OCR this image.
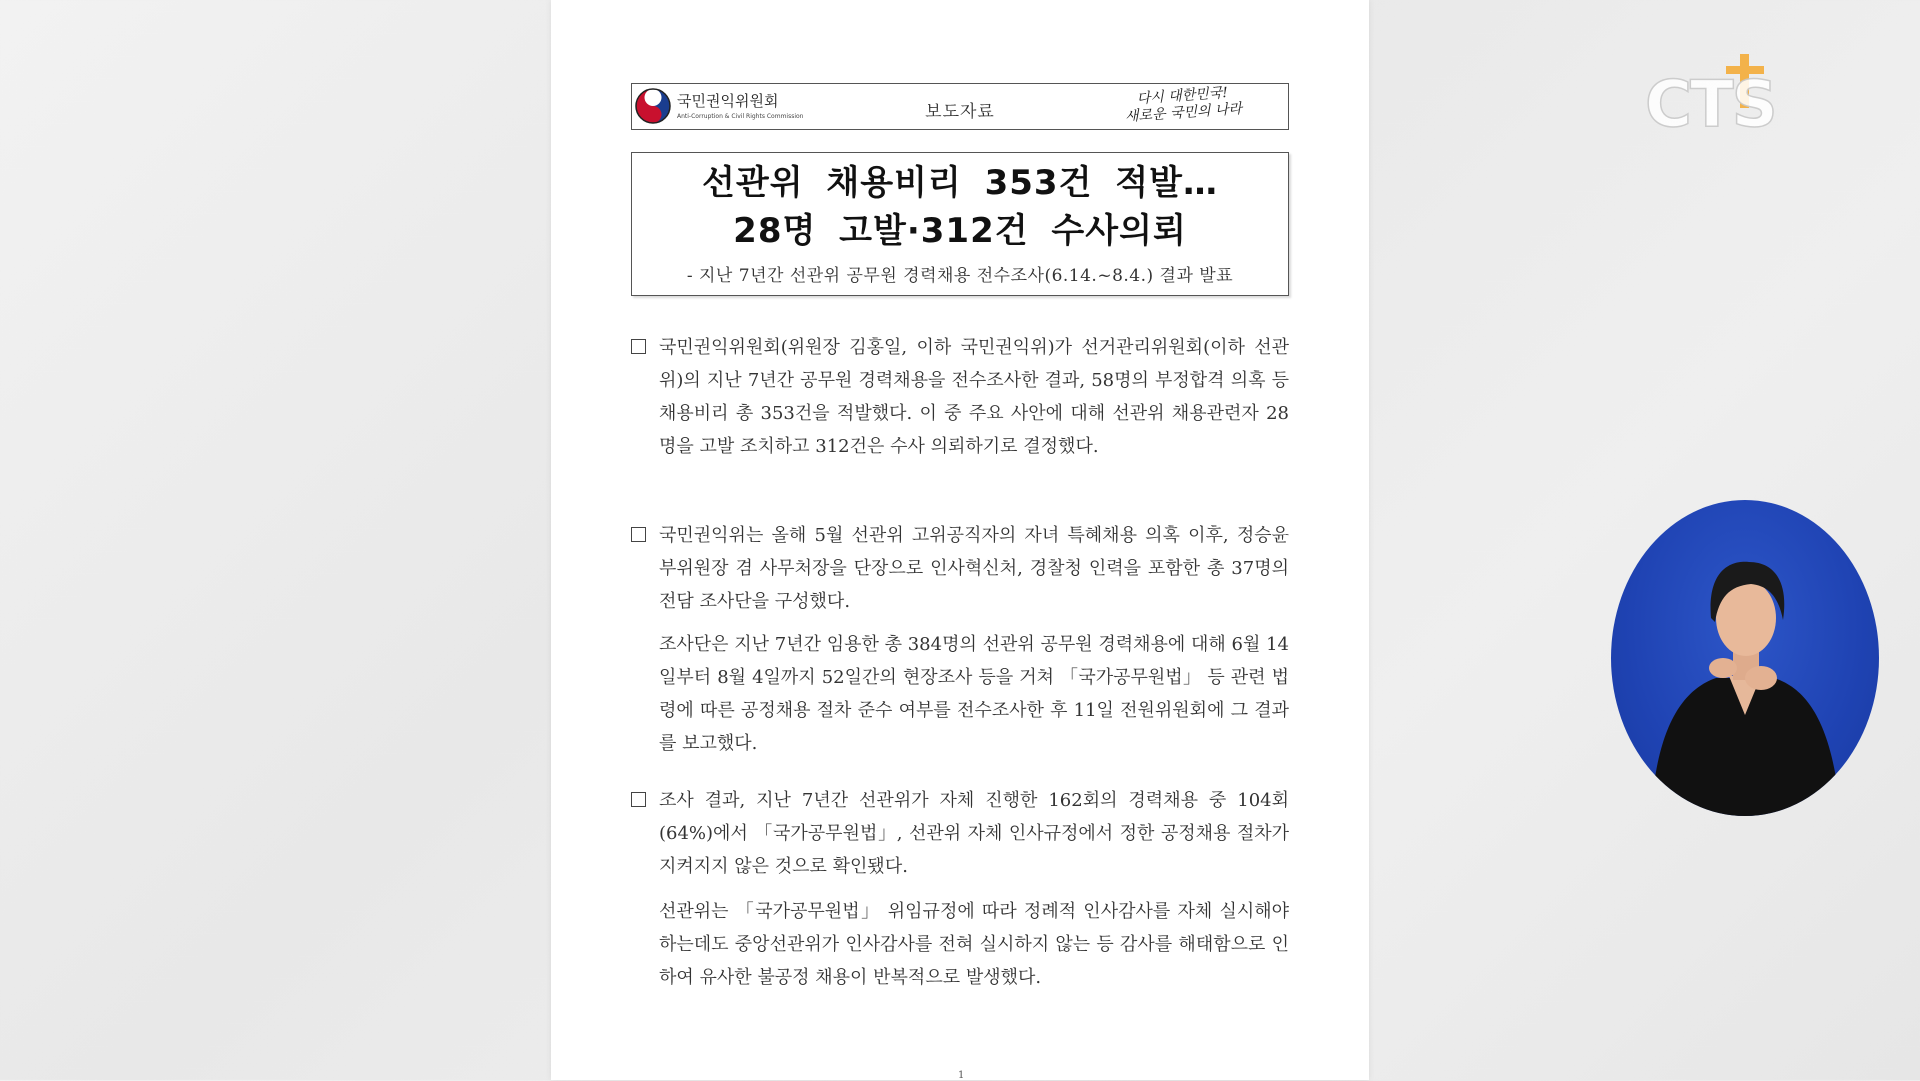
CTS
국민권익위원회
Anti-Corruption & Civil Rights Commission	보도자료
다시 대한민국!
새로운 국민의 나라
선관위 채용비리 353건 적발…
28명 고발·312건 수사의뢰
- 지난 7년간 선관위 공무원 경력채용 전수조사(6.14.~8.4.) 결과 발표
국민권익위원회(위원장 김홍일, 이하 국민권익위)가 선거관리위원회(이하 선관위)의 지난 7년간 공무원 경력채용을 전수조사한 결과, 58명의 부정합격 의혹 등 채용비리 총 353건을 적발했다. 이 중 주요 사안에 대해 선관위 채용관련자 28명을 고발 조치하고 312건은 수사 의뢰하기로 결정했다.
국민권익위는 올해 5월 선관위 고위공직자의 자녀 특혜채용 의혹 이후, 정승윤 부위원장 겸 사무처장을 단장으로 인사혁신처, 경찰청 인력을 포함한 총 37명의 전담 조사단을 구성했다.
조사단은 지난 7년간 임용한 총 384명의 선관위 공무원 경력채용에 대해 6월 14일부터 8월 4일까지 52일간의 현장조사 등을 거쳐 「국가공무원법」 등 관련 법령에 따른 공정채용 절차 준수 여부를 전수조사한 후 11일 전원위원회에 그 결과를 보고했다.
조사 결과, 지난 7년간 선관위가 자체 진행한 162회의 경력채용 중 104회(64%)에서 「국가공무원법」, 선관위 자체 인사규정에서 정한 공정채용 절차가 지켜지지 않은 것으로 확인됐다.
선관위는 「국가공무원법」 위임규정에 따라 정례적 인사감사를 자체 실시해야 하는데도 중앙선관위가 인사감사를 전혀 실시하지 않는 등 감사를 해태함으로 인하여 유사한 불공정 채용이 반복적으로 발생했다.
1
